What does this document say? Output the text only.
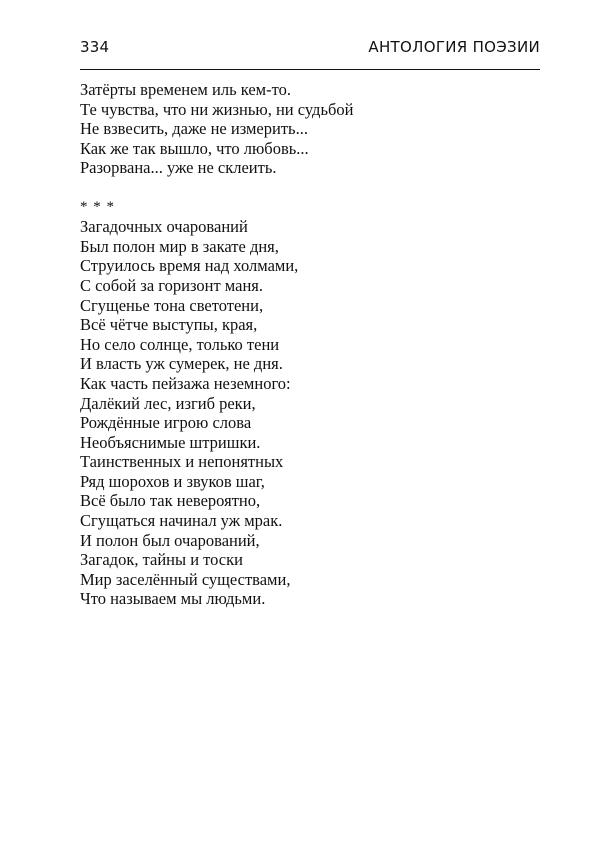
334	АНТОЛОГИЯ ПОЭЗИИ
Затёрты временем иль кем-то.
Те чувства, что ни жизнью, ни судьбой
Не взвесить, даже не измерить...
Как же так вышло, что любовь...
Разорвана... уже не склеить.
* * *
Загадочных очарований
Был полон мир в закате дня,
Струилось время над холмами,
С собой за горизонт маня.
Сгущенье тона светотени,
Всё чётче выступы, края,
Но село солнце, только тени
И власть уж сумерек, не дня.
Как часть пейзажа неземного:
Далёкий лес, изгиб реки,
Рождённые игрою слова
Необъяснимые штришки.
Таинственных и непонятных
Ряд шорохов и звуков шаг,
Всё было так невероятно,
Сгущаться начинал уж мрак.
И полон был очарований,
Загадок, тайны и тоски
Мир заселённый существами,
Что называем мы людьми.
